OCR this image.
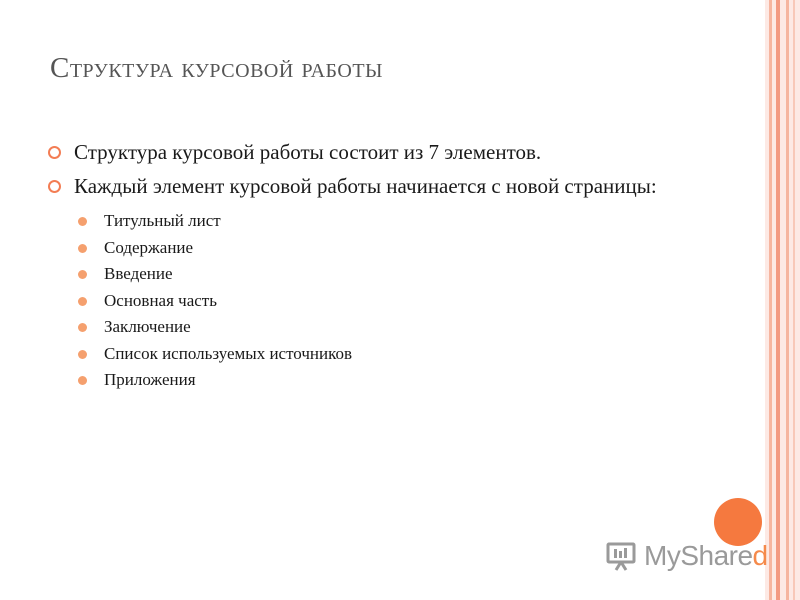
Структура курсовой работы
Структура курсовой работы состоит из 7 элементов.
Каждый элемент курсовой работы начинается с новой страницы:
Титульный лист
Содержание
Введение
Основная часть
Заключение
Список используемых источников
Приложения
MyShare d
